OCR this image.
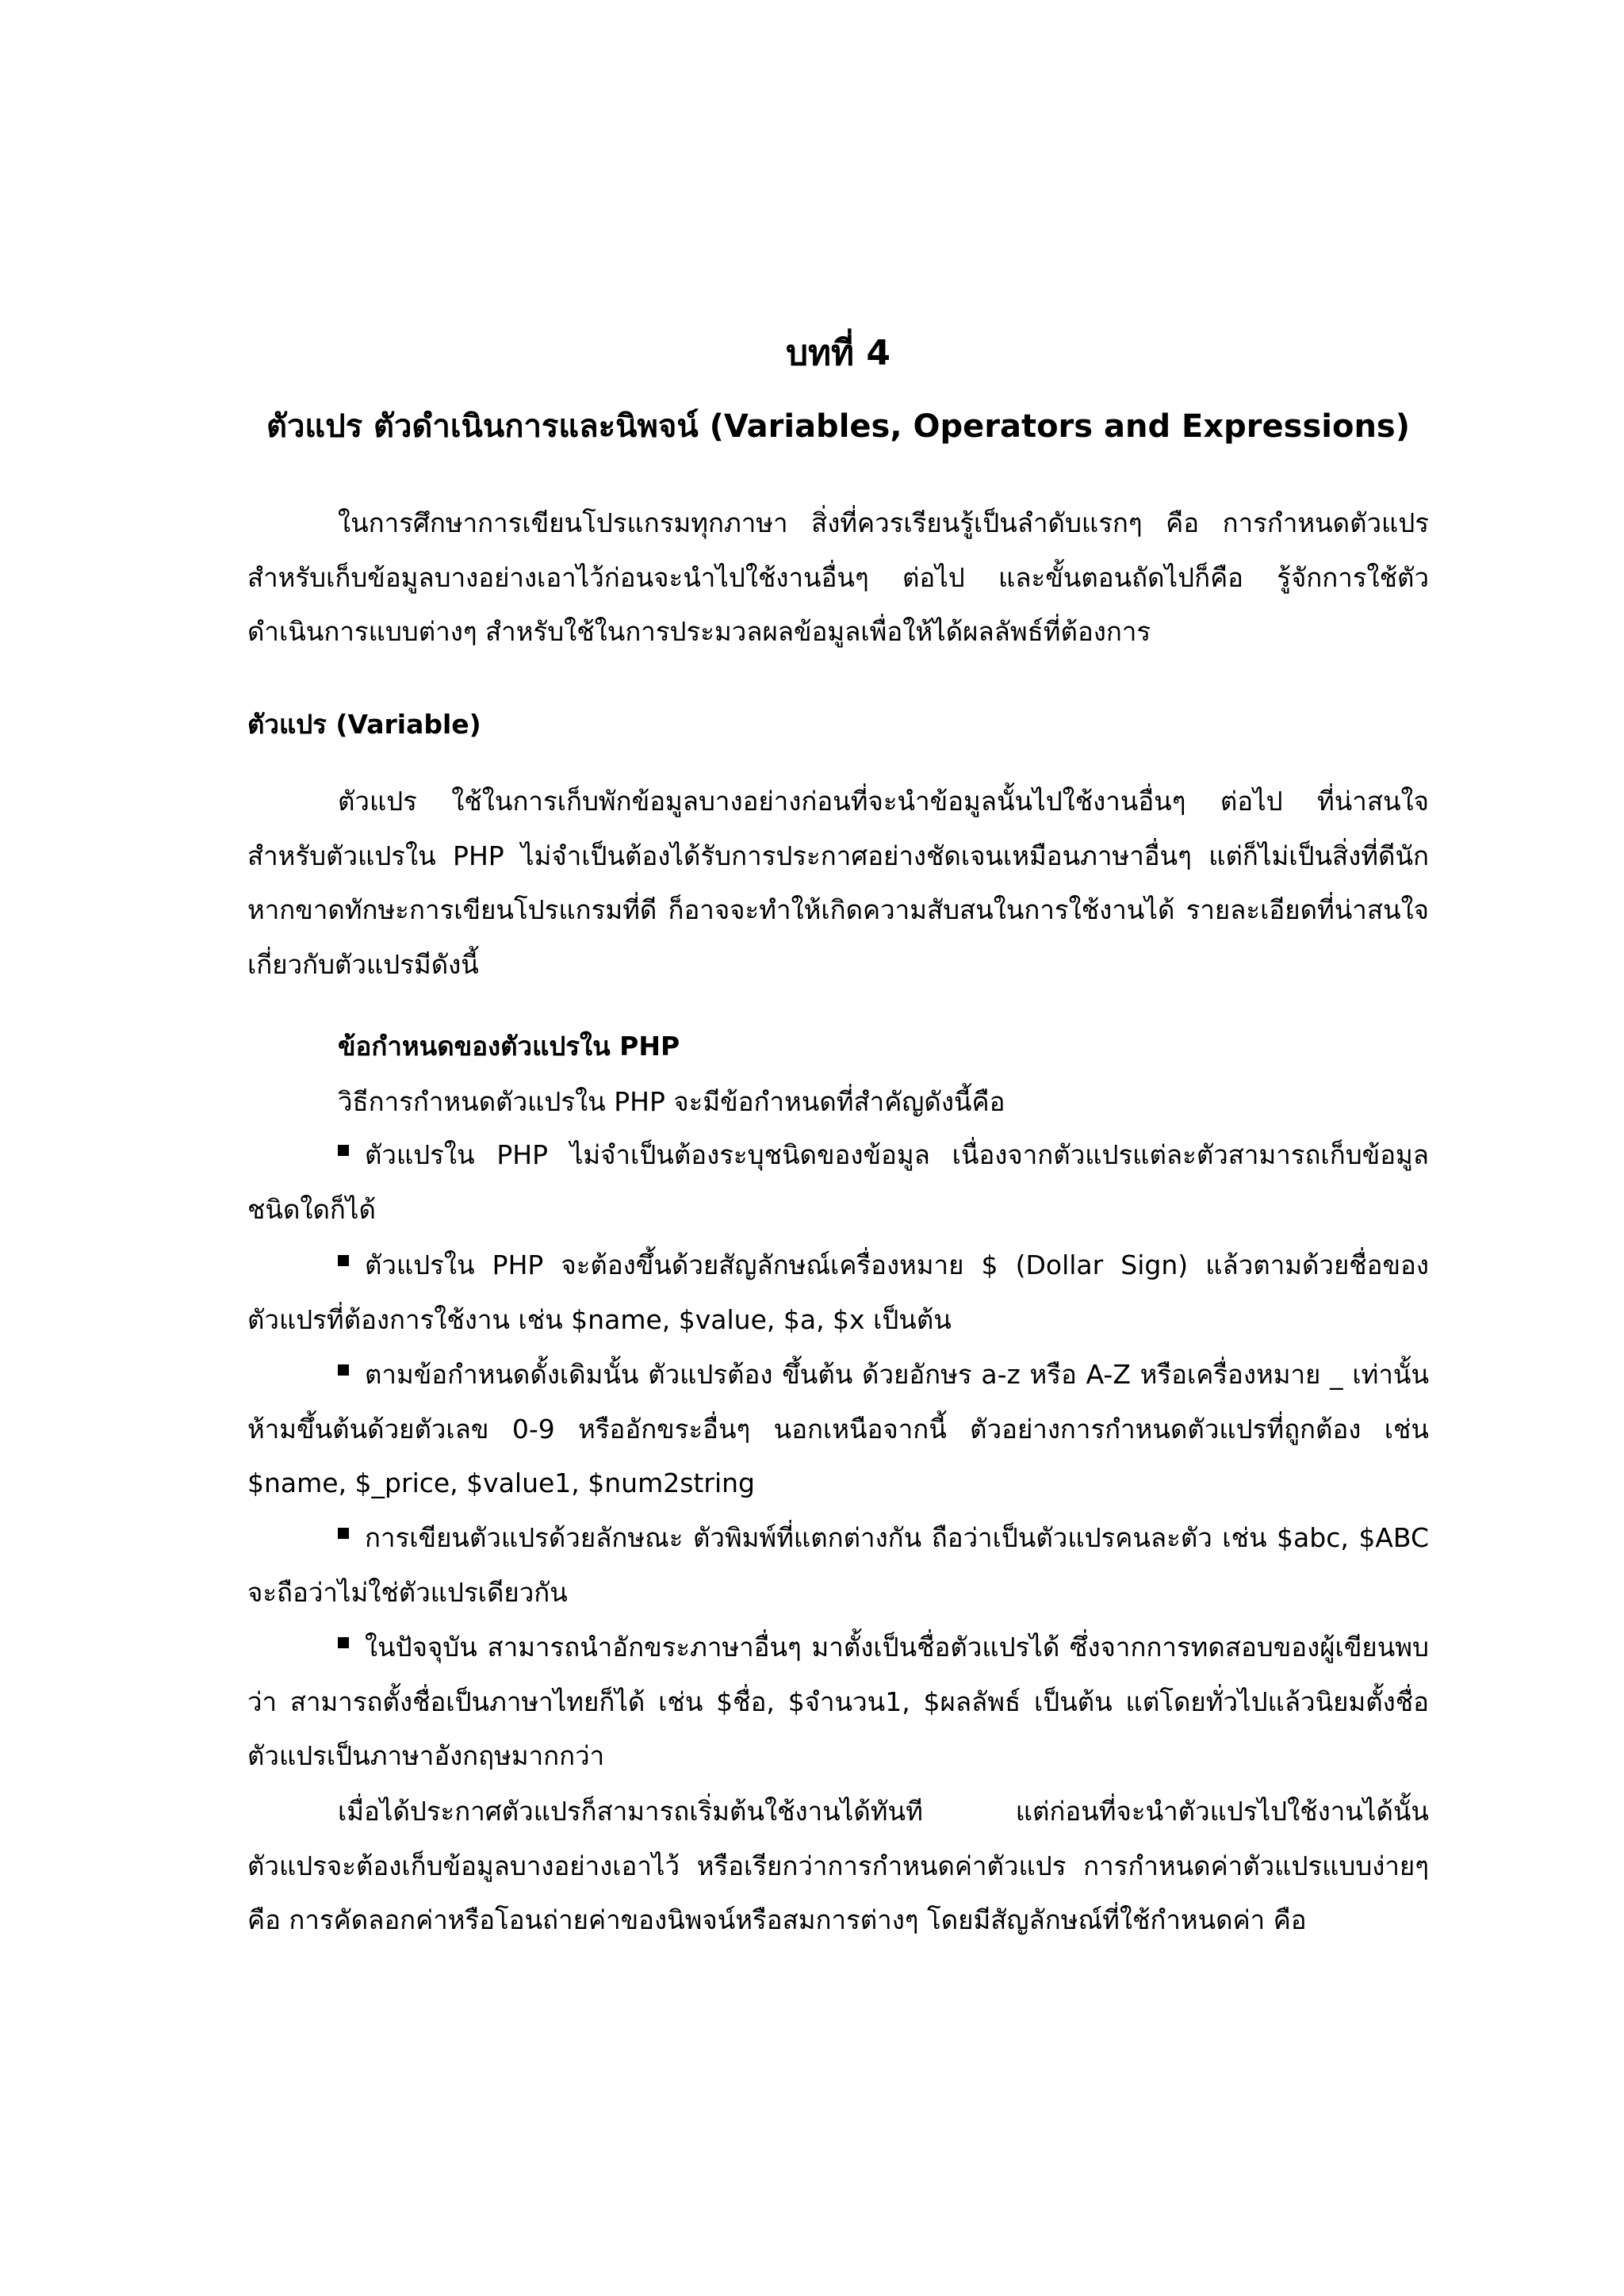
บทที่ 4
ตัวแปร ตัวดำเนินการและนิพจน์ (Variables, Operators and Expressions)

ในการศึกษาการเขียนโปรแกรมทุกภาษา สิ่งที่ควรเรียนรู้เป็นลำดับแรกๆ คือ การกำหนดตัวแปรสำหรับเก็บข้อมูลบางอย่างเอาไว้ก่อนจะนำไปใช้งานอื่นๆ ต่อไป และขั้นตอนถัดไปก็คือ รู้จักการใช้ตัวดำเนินการแบบต่างๆ สำหรับใช้ในการประมวลผลข้อมูลเพื่อให้ได้ผลลัพธ์ที่ต้องการ

ตัวแปร (Variable)

ตัวแปร ใช้ในการเก็บพักข้อมูลบางอย่างก่อนที่จะนำข้อมูลนั้นไปใช้งานอื่นๆ ต่อไป ที่น่าสนใจสำหรับตัวแปรใน PHP ไม่จำเป็นต้องได้รับการประกาศอย่างชัดเจนเหมือนภาษาอื่นๆ แต่ก็ไม่เป็นสิ่งที่ดีนักหากขาดทักษะการเขียนโปรแกรมที่ดี ก็อาจจะทำให้เกิดความสับสนในการใช้งานได้ รายละเอียดที่น่าสนใจเกี่ยวกับตัวแปรมีดังนี้

ข้อกำหนดของตัวแปรใน PHP

วิธีการกำหนดตัวแปรใน PHP จะมีข้อกำหนดที่สำคัญดังนี้คือ

ตัวแปรใน PHP ไม่จำเป็นต้องระบุชนิดของข้อมูล เนื่องจากตัวแปรแต่ละตัวสามารถเก็บข้อมูลชนิดใดก็ได้

ตัวแปรใน PHP จะต้องขึ้นด้วยสัญลักษณ์เครื่องหมาย $ (Dollar Sign) แล้วตามด้วยชื่อของตัวแปรที่ต้องการใช้งาน เช่น $name, $value, $a, $x เป็นต้น

ตามข้อกำหนดดั้งเดิมนั้น ตัวแปรต้อง ขึ้นต้น ด้วยอักษร a-z หรือ A-Z หรือเครื่องหมาย _ เท่านั้น ห้ามขึ้นต้นด้วยตัวเลข 0-9 หรืออักขระอื่นๆ นอกเหนือจากนี้ ตัวอย่างการกำหนดตัวแปรที่ถูกต้อง เช่น $name, $_price, $value1, $num2string

การเขียนตัวแปรด้วยลักษณะ ตัวพิมพ์ที่แตกต่างกัน ถือว่าเป็นตัวแปรคนละตัว เช่น $abc, $ABC จะถือว่าไม่ใช่ตัวแปรเดียวกัน

ในปัจจุบัน สามารถนำอักขระภาษาอื่นๆ มาตั้งเป็นชื่อตัวแปรได้ ซึ่งจากการทดสอบของผู้เขียนพบว่า สามารถตั้งชื่อเป็นภาษาไทยก็ได้ เช่น $ชื่อ, $จำนวน1, $ผลลัพธ์ เป็นต้น แต่โดยทั่วไปแล้วนิยมตั้งชื่อตัวแปรเป็นภาษาอังกฤษมากกว่า

เมื่อได้ประกาศตัวแปรก็สามารถเริ่มต้นใช้งานได้ทันที แต่ก่อนที่จะนำตัวแปรไปใช้งานได้นั้น ตัวแปรจะต้องเก็บข้อมูลบางอย่างเอาไว้ หรือเรียกว่าการกำหนดค่าตัวแปร การกำหนดค่าตัวแปรแบบง่ายๆ คือ การคัดลอกค่าหรือโอนถ่ายค่าของนิพจน์หรือสมการต่างๆ โดยมีสัญลักษณ์ที่ใช้กำหนดค่า คือ
